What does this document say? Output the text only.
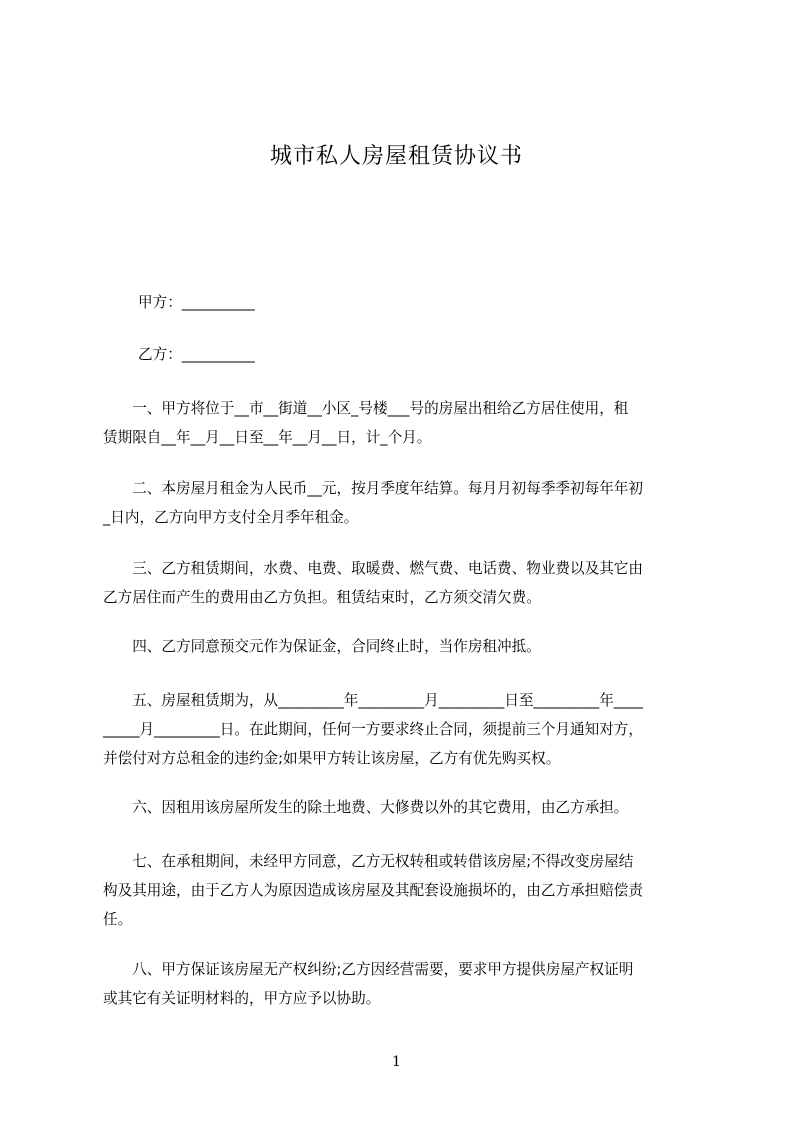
城市私人房屋租赁协议书

甲方：__________

乙方：__________

　　一、甲方将位于__市__街道__小区_号楼___号的房屋出租给乙方居住使用，租
赁期限自__年__月__日至__年__月__日，计_个月。
　　二、本房屋月租金为人民币__元，按月季度年结算。每月月初每季季初每年年初
_日内，乙方向甲方支付全月季年租金。
　　三、乙方租赁期间，水费、电费、取暖费、燃气费、电话费、物业费以及其它由
乙方居住而产生的费用由乙方负担。租赁结束时，乙方须交清欠费。
　　四、乙方同意预交元作为保证金，合同终止时，当作房租冲抵。
　　五、房屋租赁期为，从_________年_________月_________日至_________年____
_____月_________日。在此期间，任何一方要求终止合同，须提前三个月通知对方，
并偿付对方总租金的违约金;如果甲方转让该房屋，乙方有优先购买权。
　　六、因租用该房屋所发生的除土地费、大修费以外的其它费用，由乙方承担。
　　七、在承租期间，未经甲方同意，乙方无权转租或转借该房屋;不得改变房屋结
构及其用途，由于乙方人为原因造成该房屋及其配套设施损坏的，由乙方承担赔偿责
任。
　　八、甲方保证该房屋无产权纠纷;乙方因经营需要，要求甲方提供房屋产权证明
或其它有关证明材料的，甲方应予以协助。
1
